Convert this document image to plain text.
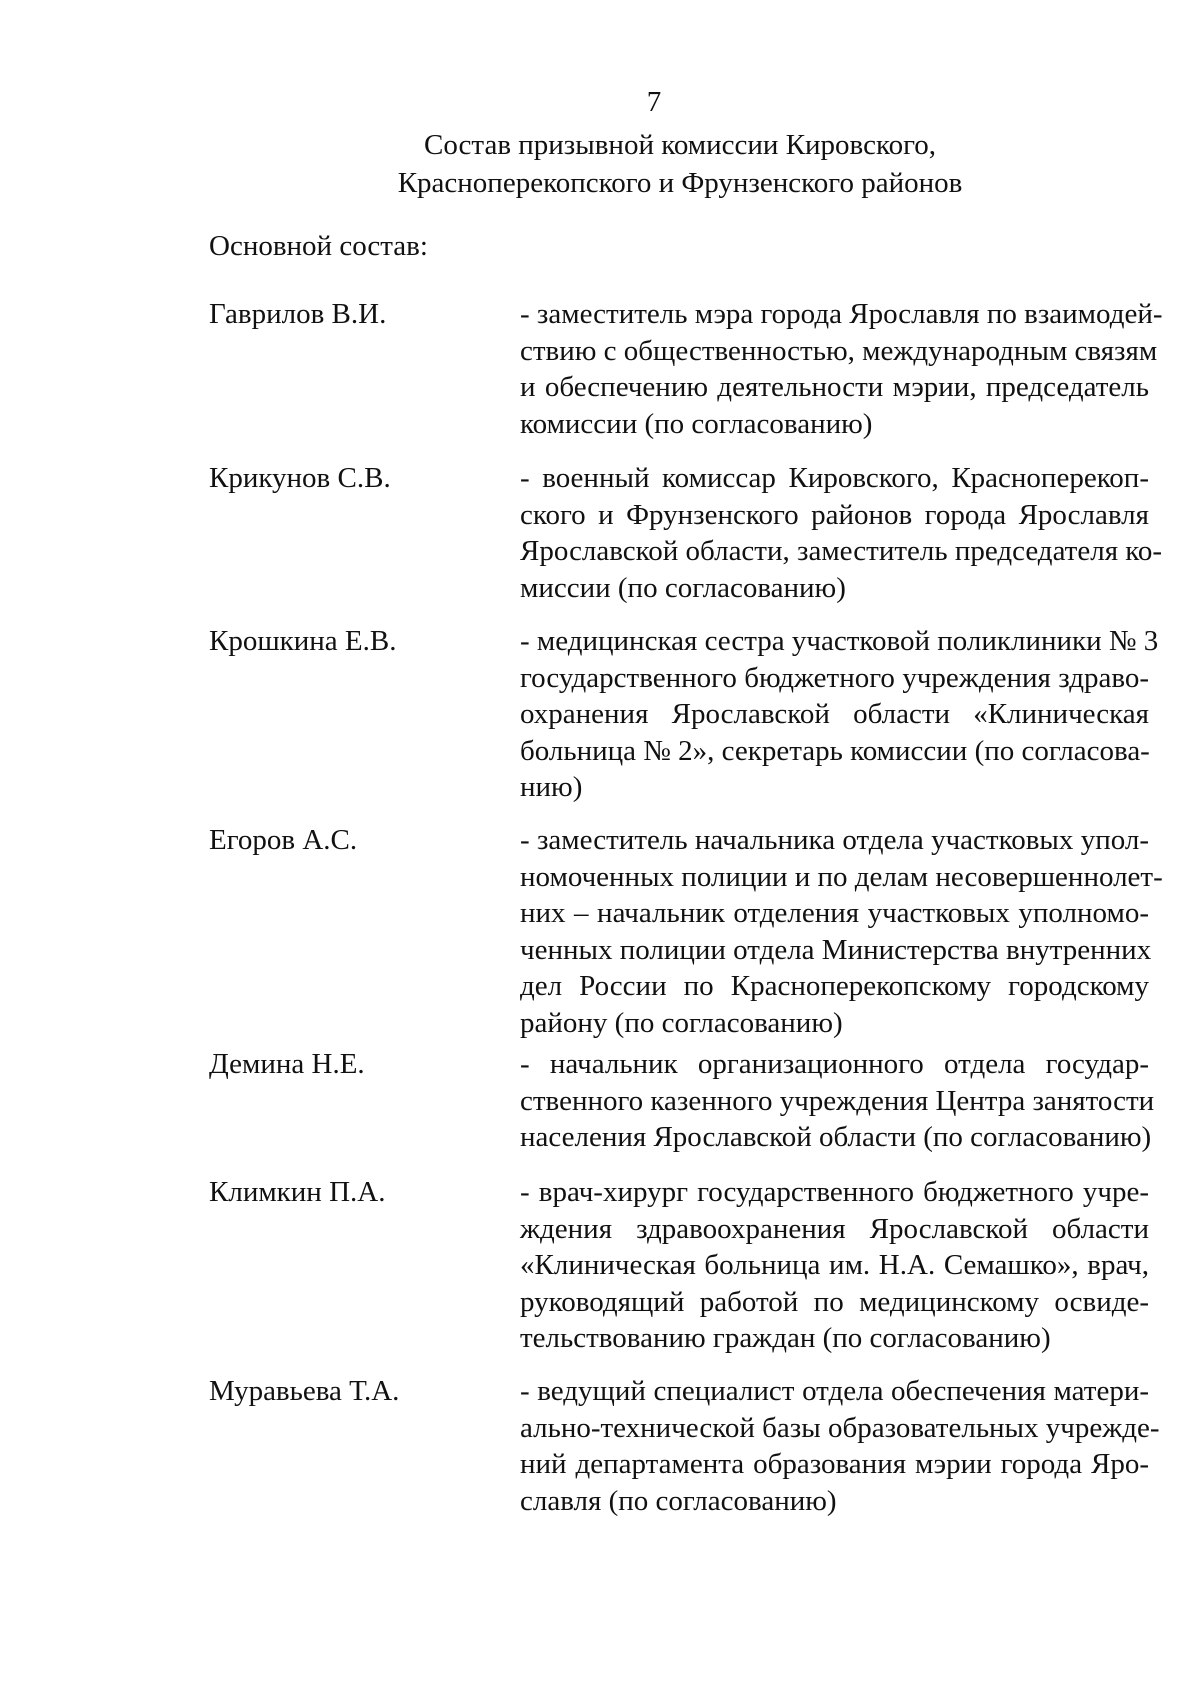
7
Состав призывной комиссии Кировского,
Красноперекопского и Фрунзенского районов
Основной состав:
Гаврилов В.И.	- заместитель мэра города Ярославля по взаимодей-
ствию с общественностью, международным связям
и обеспечению деятельности мэрии, председатель
комиссии (по согласованию)
Крикунов С.В.	- военный комиссар Кировского, Красноперекоп-
ского и Фрунзенского районов города Ярославля
Ярославской области, заместитель председателя ко-
миссии (по согласованию)
Крошкина Е.В.	- медицинская сестра участковой поликлиники № 3
государственного бюджетного учреждения здраво-
охранения Ярославской области «Клиническая
больница № 2», секретарь комиссии (по согласова-
нию)
Егоров А.С.	- заместитель начальника отдела участковых упол-
номоченных полиции и по делам несовершеннолет-
них – начальник отделения участковых уполномо-
ченных полиции отдела Министерства внутренних
дел России по Красноперекопскому городскому
району (по согласованию)
Демина Н.Е.	- начальник организационного отдела государ-
ственного казенного учреждения Центра занятости
населения Ярославской области (по согласованию)
Климкин П.А.	- врач-хирург государственного бюджетного учре-
ждения здравоохранения Ярославской области
«Клиническая больница им. Н.А. Семашко», врач,
руководящий работой по медицинскому освиде-
тельствованию граждан (по согласованию)
Муравьева Т.А.	- ведущий специалист отдела обеспечения матери-
ально-технической базы образовательных учрежде-
ний департамента образования мэрии города Яро-
славля (по согласованию)
